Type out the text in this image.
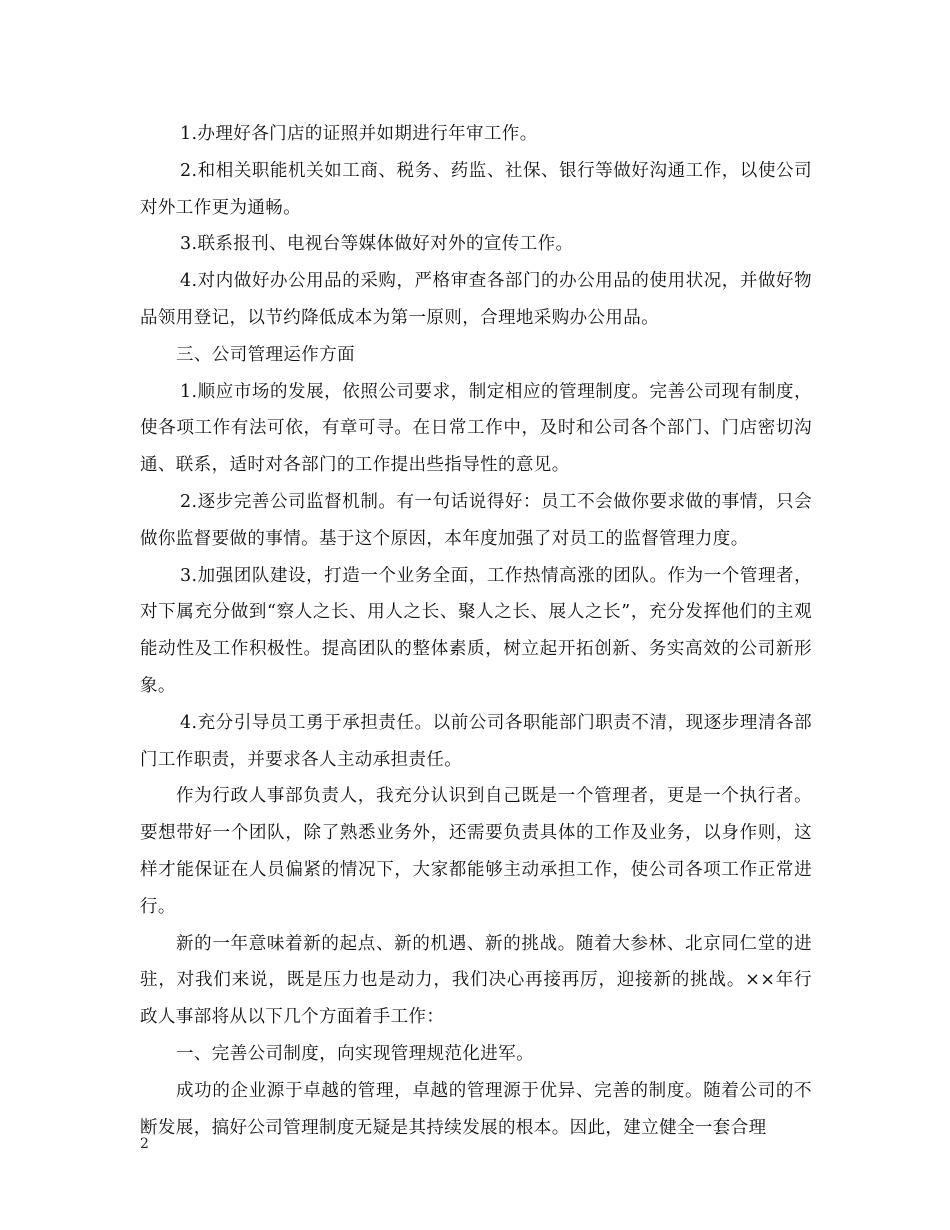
1.办理好各门店的证照并如期进行年审工作。

2.和相关职能机关如工商、税务、药监、社保、银行等做好沟通工作，以使公司对外工作更为通畅。

3.联系报刊、电视台等媒体做好对外的宣传工作。

4.对内做好办公用品的采购，严格审查各部门的办公用品的使用状况，并做好物品领用登记，以节约降低成本为第一原则，合理地采购办公用品。

三、公司管理运作方面

1.顺应市场的发展，依照公司要求，制定相应的管理制度。完善公司现有制度，使各项工作有法可依，有章可寻。在日常工作中，及时和公司各个部门、门店密切沟通、联系，适时对各部门的工作提出些指导性的意见。

2.逐步完善公司监督机制。有一句话说得好：员工不会做你要求做的事情，只会做你监督要做的事情。基于这个原因，本年度加强了对员工的监督管理力度。

3.加强团队建设，打造一个业务全面，工作热情高涨的团队。作为一个管理者，对下属充分做到“察人之长、用人之长、聚人之长、展人之长”，充分发挥他们的主观能动性及工作积极性。提高团队的整体素质，树立起开拓创新、务实高效的公司新形象。

4.充分引导员工勇于承担责任。以前公司各职能部门职责不清，现逐步理清各部门工作职责，并要求各人主动承担责任。

作为行政人事部负责人，我充分认识到自己既是一个管理者，更是一个执行者。要想带好一个团队，除了熟悉业务外，还需要负责具体的工作及业务，以身作则，这样才能保证在人员偏紧的情况下，大家都能够主动承担工作，使公司各项工作正常进行。

新的一年意味着新的起点、新的机遇、新的挑战。随着大参林、北京同仁堂的进驻，对我们来说，既是压力也是动力，我们决心再接再厉，迎接新的挑战。××年行政人事部将从以下几个方面着手工作：

一、完善公司制度，向实现管理规范化进军。

成功的企业源于卓越的管理，卓越的管理源于优异、完善的制度。随着公司的不断发展，搞好公司管理制度无疑是其持续发展的根本。因此，建立健全一套合理

2
